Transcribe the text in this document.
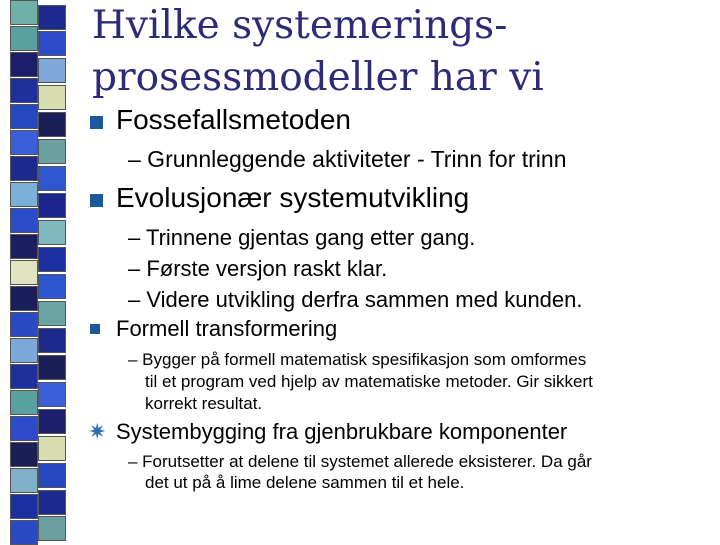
Hvilke systemerings-
prosessmodeller har vi
Fossefallsmetoden
– Grunnleggende aktiviteter - Trinn for trinn
Evolusjonær systemutvikling
– Trinnene gjentas gang etter gang.
– Første versjon raskt klar.
– Videre utvikling derfra sammen med kunden.
Formell transformering
– Bygger på formell matematisk spesifikasjon som omformes
til et program ved hjelp av matematiske metoder. Gir sikkert
korrekt resultat.
✷ Systembygging fra gjenbrukbare komponenter
– Forutsetter at delene til systemet allerede eksisterer. Da går
det ut på å lime delene sammen til et hele.
